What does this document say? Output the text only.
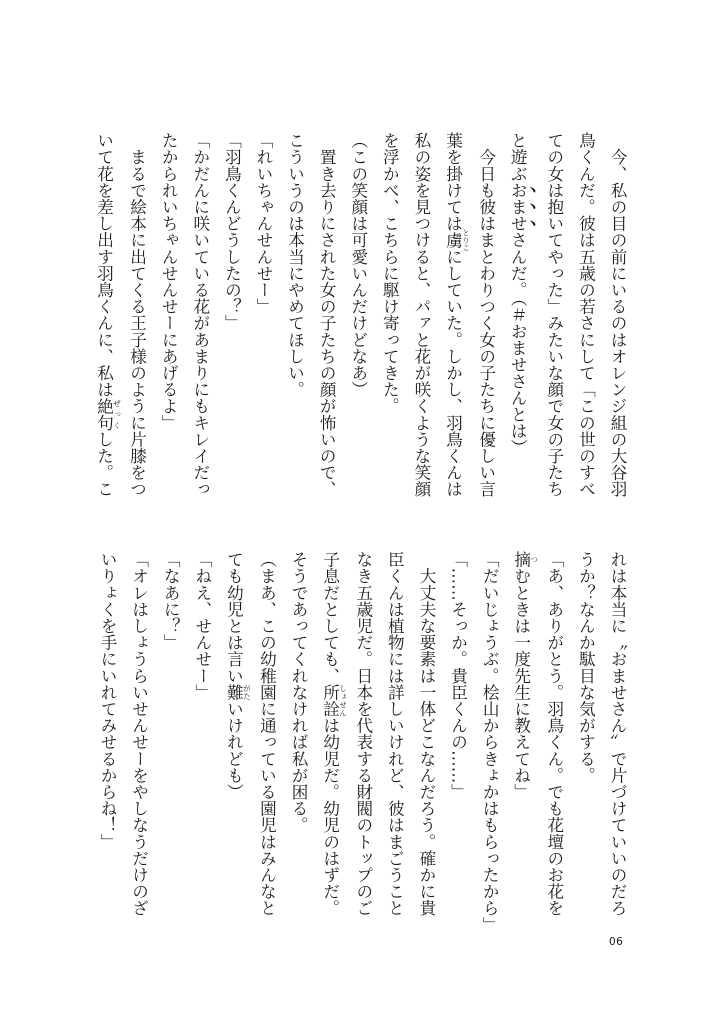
　今、私の目の前にいるのはオレンジ組の大谷羽
鳥くんだ。彼は五歳の若さにして「この世のすべ
ての女は抱いてやった」みたいな顔で女の子たち
と遊ぶおませさんだ。（＃おませさんとは）
　今日も彼はまとわりつく女の子たちに優しい言
葉を掛けては虜 とりこにしていた。しかし、羽鳥くんは
私の姿を見つけると、パァと花が咲くような笑顔
を浮かべ、こちらに駆け寄ってきた。
（この笑顔は可愛いんだけどなあ）
　置き去りにされた女の子たちの顔が怖いので、
こういうのは本当にやめてほしい。
「れいちゃんせんせー」
「羽鳥くんどうしたの？」
「かだんに咲いている花があまりにもキレイだっ
たかられいちゃんせんせーにあげるよ」
　まるで絵本に出てくる王子様のように片膝をつ
いて花を差し出す羽鳥くんに、私は絶句 ぜっくした。こ
れは本当に〝おませさん〟で片づけていいのだろ
うか？なんか駄目な気がする。
「あ、ありがとう。羽鳥くん。でも花壇のお花を
摘 つむときは一度先生に教えてね」
「だいじょうぶ。桧山からきょかはもらったから」
「……そっか。貴臣くんの……」
　大丈夫な要素は一体どこなんだろう。確かに貴
臣くんは植物には詳しいけれど、彼はまごうこと
なき五歳児だ。日本を代表する財閥のトップのご
子息だとしても、所詮 しょせんは幼児だ。幼児のはずだ。
そうであってくれなければ私が困る。
（まあ、この幼稚園に通っている園児はみんなと
ても幼児とは言い難 がたいけれども）
「ねえ、せんせー」
「なあに？」
「オレはしょうらいせんせーをやしなうだけのざ
いりょくを手にいれてみせるからね！」
06
